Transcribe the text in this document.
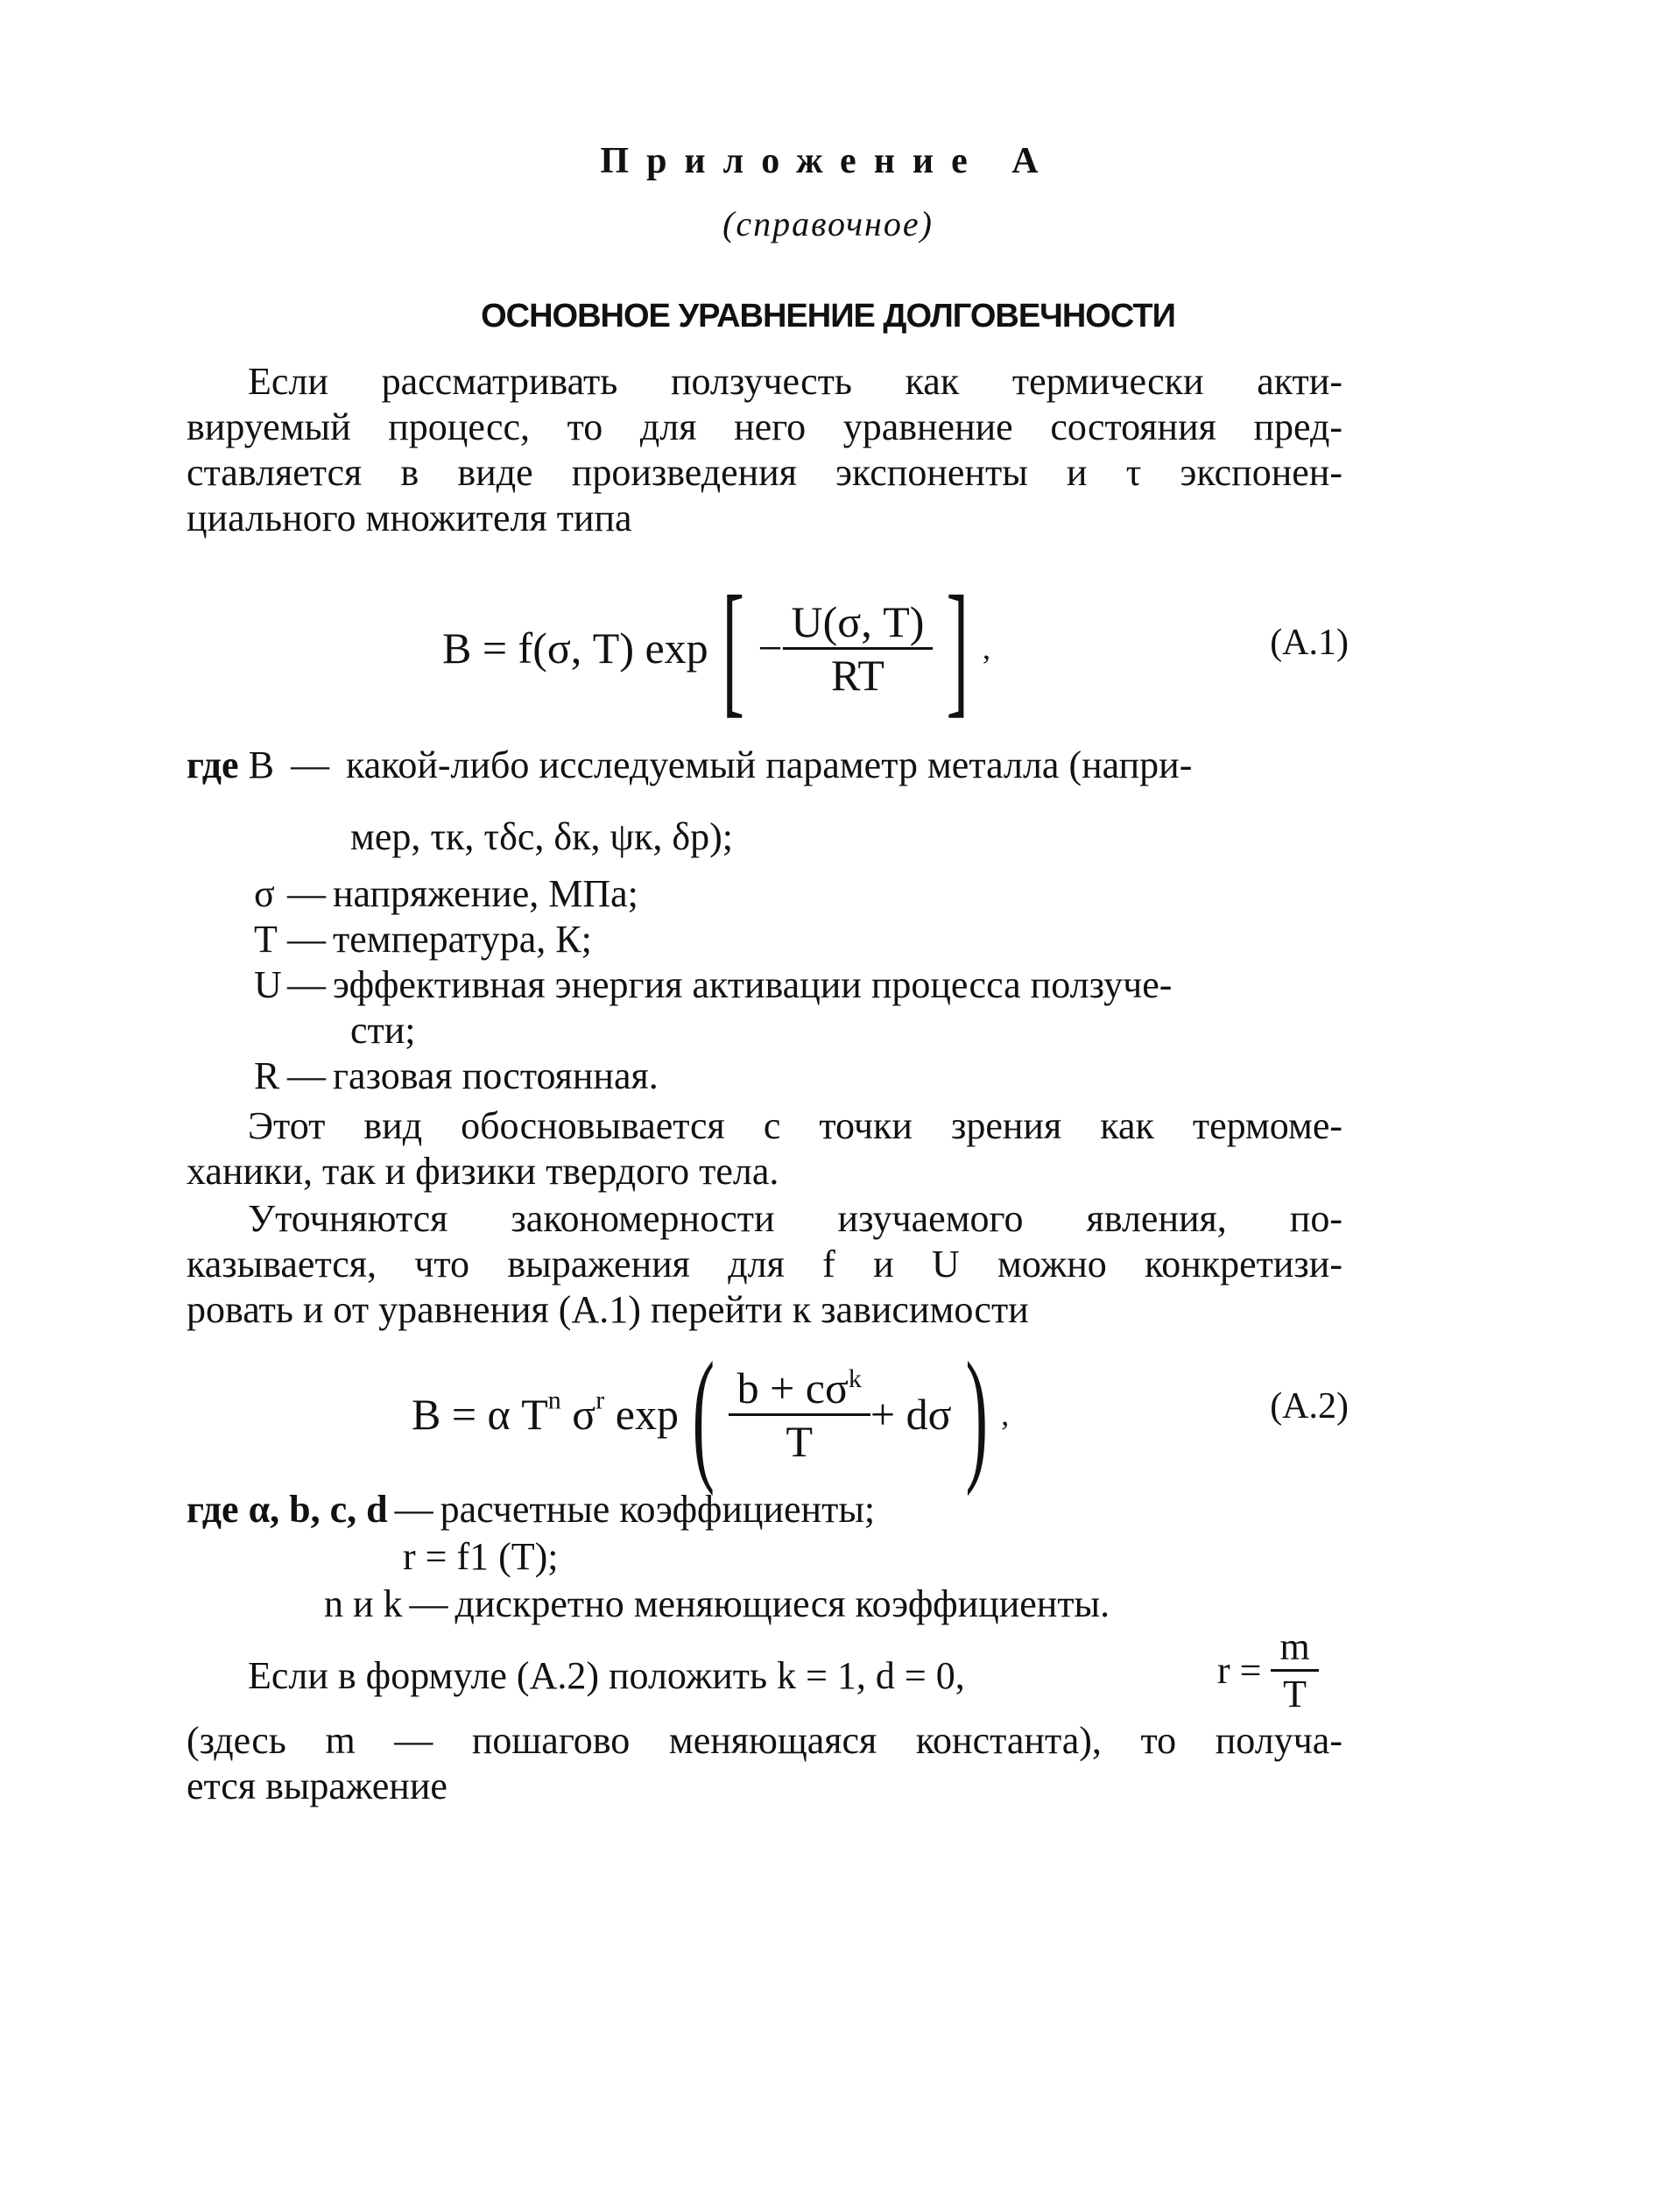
Приложение А
(справочное)
ОСНОВНОЕ УРАВНЕНИЕ ДОЛГОВЕЧНОСТИ
Если рассматривать ползучесть как термически акти-
вируемый процесс, то для него уравнение состояния пред-
ставляется в виде произведения экспоненты и τ экспонен-
циального множителя типа
B = f(σ, T) $\exp[ - \frac{U(\sigma, T)}{RT}$ ] ,	(А.1)
где B — какой-либо исследуемый параметр металла (напри-
мер, τк, τδс, δк, ψк, δр);
σ — напряжение, МПа;
T — температура, К;
U — эффективная энергия активации процесса ползуче-
сти;
R — газовая постоянная.
Этот вид обосновывается с точки зрения как термоме-
ханики, так и физики твердого тела.
Уточняются закономерности изучаемого явления, по-
казывается, что выражения для f и U можно конкретизи-
ровать и от уравнения (А.1) перейти к зависимости
B = α $T^n$ $\sigma^r$ $\exp( \frac{b + c\sigma^k}{T} + d\sigma)$ ,	(А.2)
где α, b, c, d — расчетные коэффициенты;
r = f1 (T);
n и k — дискретно меняющиеся коэффициенты.
Если в формуле (А.2) положить k = 1, d = 0,	$r = \frac{m}{T}$
(здесь m — пошагово меняющаяся константа), то получа-
ется выражение
